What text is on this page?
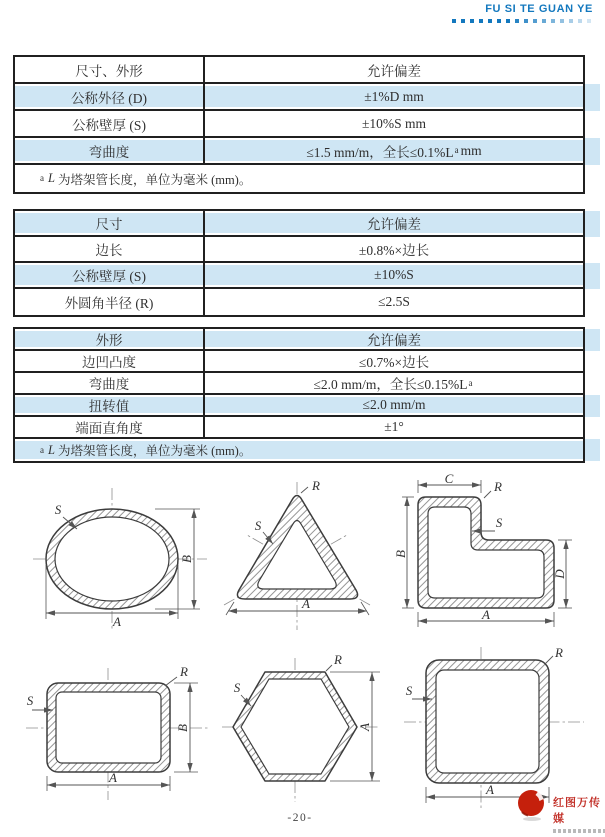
FU SI TE GUAN YE
尺寸、外形	允许偏差
公称外径 (D)	±1%D mm
公称壁厚 (S)	±10%S mm
弯曲度	≤1.5 mm/m，全长≤0.1%L a mm
a L 为塔架管长度，单位为毫米 (mm)。
尺寸	允许偏差
边长	±0.8%×边长
公称壁厚 (S)	±10%S
外圆角半径 (R)	≤2.5S
外形	允许偏差
边凹凸度	≤0.7%×边长
弯曲度	≤2.0 mm/m，全长≤0.15%L a
扭转值	≤2.0 mm/m
端面直角度	±1°
a L 为塔架管长度，单位为毫米 (mm)。
B
A
S
A
R
S
C
R
B
D
A
S
S
R
B
A
R
S
A
S
R
A
-20-
红图万传媒
